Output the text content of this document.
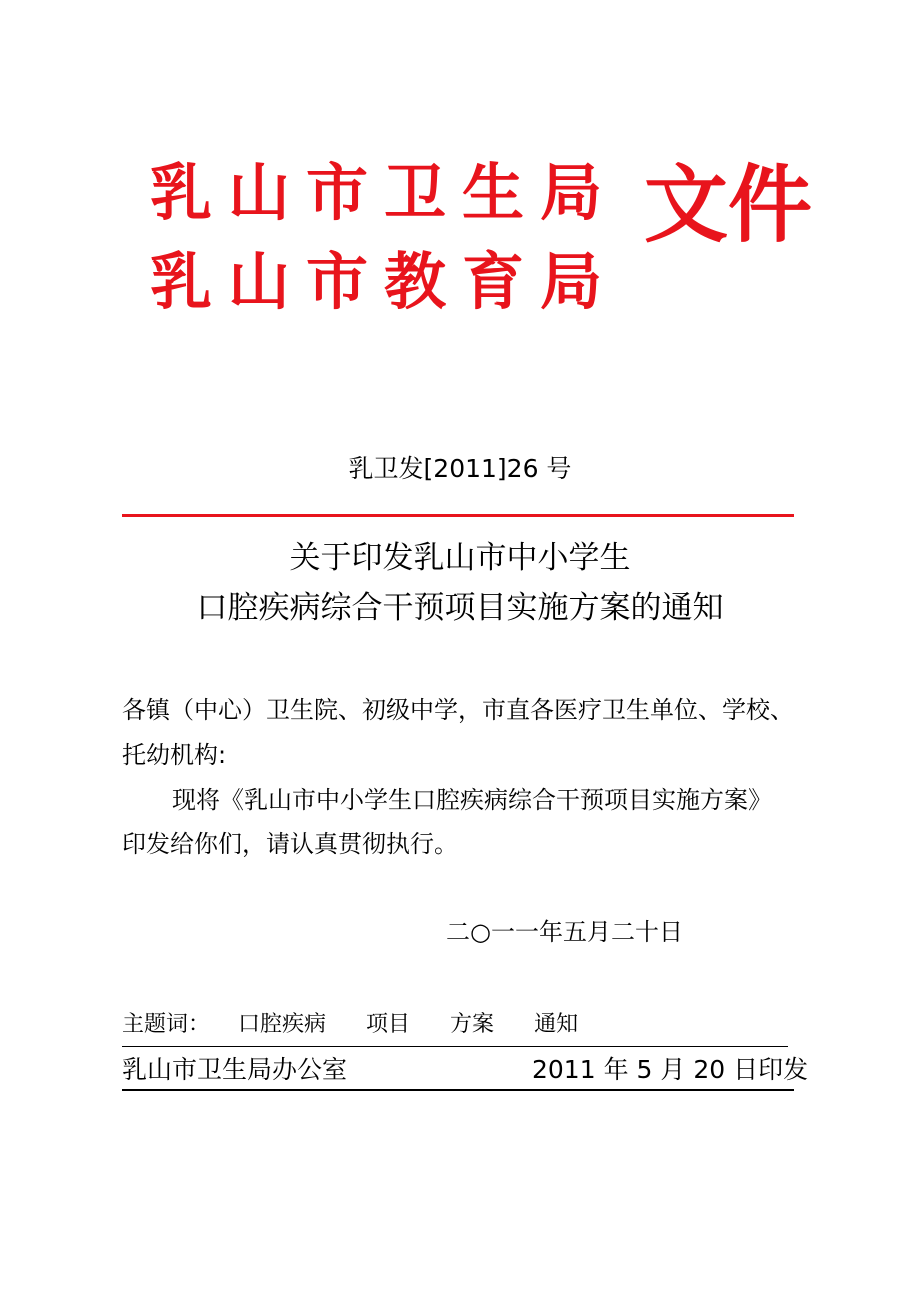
乳山市卫生局
乳山市教育局
文件
乳卫发[2011]26 号
关于印发乳山市中小学生
口腔疾病综合干预项目实施方案的通知
各镇（中心）卫生院、初级中学，市直各医疗卫生单位、学校、
托幼机构:
现将《乳山市中小学生口腔疾病综合干预项目实施方案》
印发给你们，请认真贯彻执行。
二○一一年五月二十日
主题词： 口腔疾病 项目 方案 通知
乳山市卫生局办公室	2011 年 5 月 20 日印发
